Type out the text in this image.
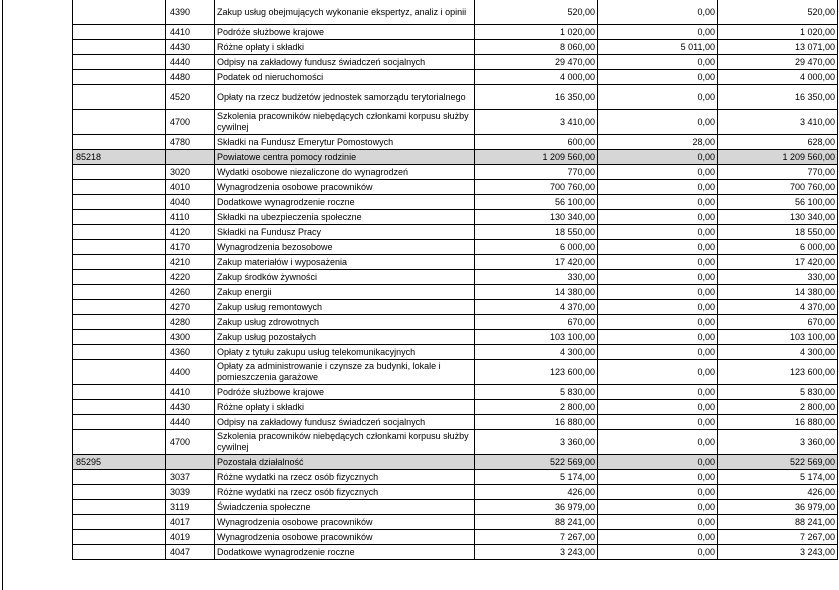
	4390	Zakup usług obejmujących wykonanie ekspertyz, analiz i opinii	520,00	0,00	520,00
	4410	Podróże służbowe krajowe	1 020,00	0,00	1 020,00
	4430	Różne opłaty i składki	8 060,00	5 011,00	13 071,00
	4440	Odpisy na zakładowy fundusz świadczeń socjalnych	29 470,00	0,00	29 470,00
	4480	Podatek od nieruchomości	4 000,00	0,00	4 000,00
	4520	Opłaty na rzecz budżetów jednostek samorządu terytorialnego	16 350,00	0,00	16 350,00
	4700	Szkolenia pracowników niebędących członkami korpusu służby cywilnej	3 410,00	0,00	3 410,00
	4780	Składki na Fundusz Emerytur Pomostowych	600,00	28,00	628,00
85218		Powiatowe centra pomocy rodzinie	1 209 560,00	0,00	1 209 560,00
	3020	Wydatki osobowe niezaliczone do wynagrodzeń	770,00	0,00	770,00
	4010	Wynagrodzenia osobowe pracowników	700 760,00	0,00	700 760,00
	4040	Dodatkowe wynagrodzenie roczne	56 100,00	0,00	56 100,00
	4110	Składki na ubezpieczenia społeczne	130 340,00	0,00	130 340,00
	4120	Składki na Fundusz Pracy	18 550,00	0,00	18 550,00
	4170	Wynagrodzenia bezosobowe	6 000,00	0,00	6 000,00
	4210	Zakup materiałów i wyposażenia	17 420,00	0,00	17 420,00
	4220	Zakup środków żywności	330,00	0,00	330,00
	4260	Zakup energii	14 380,00	0,00	14 380,00
	4270	Zakup usług remontowych	4 370,00	0,00	4 370,00
	4280	Zakup usług zdrowotnych	670,00	0,00	670,00
	4300	Zakup usług pozostałych	103 100,00	0,00	103 100,00
	4360	Opłaty z tytułu zakupu usług telekomunikacyjnych	4 300,00	0,00	4 300,00
	4400	Opłaty za administrowanie i czynsze za budynki, lokale i pomieszczenia garażowe	123 600,00	0,00	123 600,00
	4410	Podróże służbowe krajowe	5 830,00	0,00	5 830,00
	4430	Różne opłaty i składki	2 800,00	0,00	2 800,00
	4440	Odpisy na zakładowy fundusz świadczeń socjalnych	16 880,00	0,00	16 880,00
	4700	Szkolenia pracowników niebędących członkami korpusu służby cywilnej	3 360,00	0,00	3 360,00
85295		Pozostała działalność	522 569,00	0,00	522 569,00
	3037	Różne wydatki na rzecz osób fizycznych	5 174,00	0,00	5 174,00
	3039	Różne wydatki na rzecz osób fizycznych	426,00	0,00	426,00
	3119	Świadczenia społeczne	36 979,00	0,00	36 979,00
	4017	Wynagrodzenia osobowe pracowników	88 241,00	0,00	88 241,00
	4019	Wynagrodzenia osobowe pracowników	7 267,00	0,00	7 267,00
	4047	Dodatkowe wynagrodzenie roczne	3 243,00	0,00	3 243,00
